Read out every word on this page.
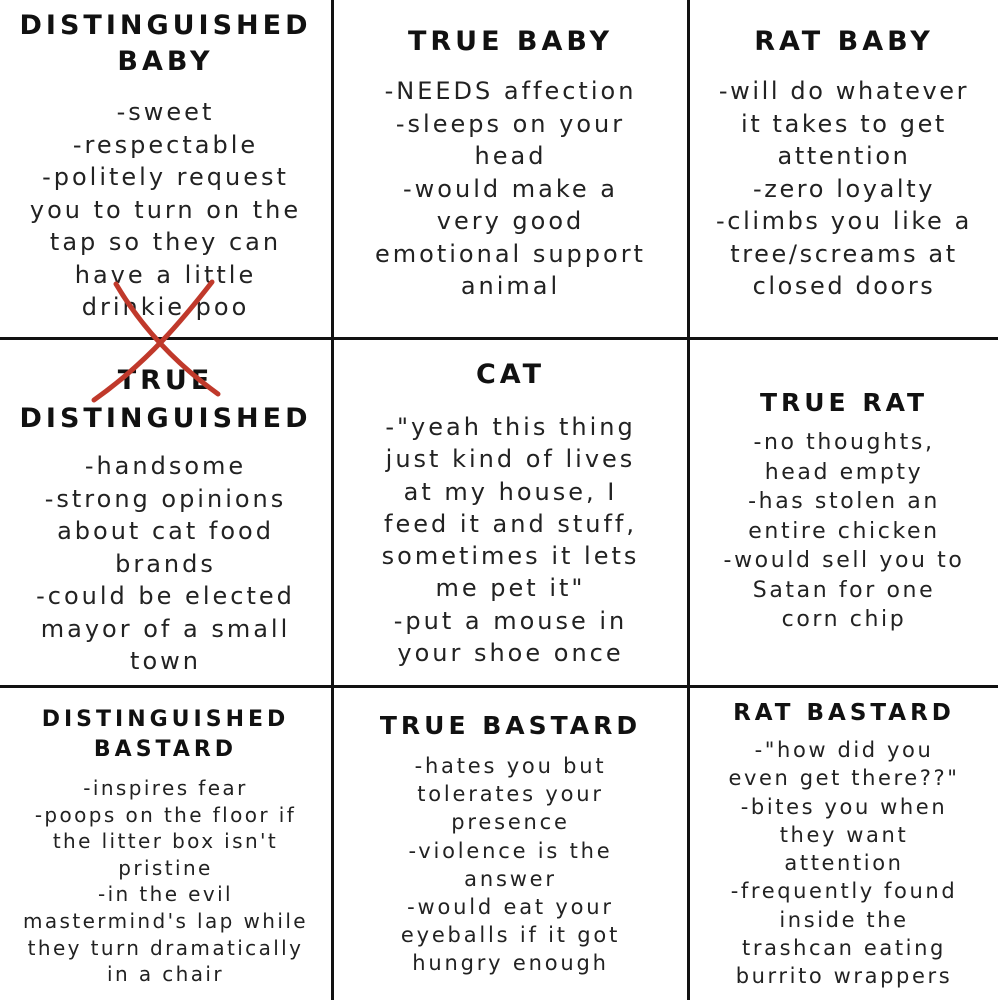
DISTINGUISHED
BABY

-sweet
-respectable
-politely request
you to turn on the
tap so they can
have a little
drinkie poo

TRUE BABY

-NEEDS affection
-sleeps on your
head
-would make a
very good
emotional support
animal

RAT BABY

-will do whatever
it takes to get
attention
-zero loyalty
-climbs you like a
tree/screams at
closed doors

TRUE
DISTINGUISHED

-handsome
-strong opinions
about cat food
brands
-could be elected
mayor of a small
town

CAT

-"yeah this thing
just kind of lives
at my house, I
feed it and stuff,
sometimes it lets
me pet it"
-put a mouse in
your shoe once

TRUE RAT

-no thoughts,
head empty
-has stolen an
entire chicken
-would sell you to
Satan for one
corn chip

DISTINGUISHED
BASTARD

-inspires fear
-poops on the floor if
the litter box isn't
pristine
-in the evil
mastermind's lap while
they turn dramatically
in a chair

TRUE BASTARD

-hates you but
tolerates your
presence
-violence is the
answer
-would eat your
eyeballs if it got
hungry enough

RAT BASTARD

-"how did you
even get there??"
-bites you when
they want
attention
-frequently found
inside the
trashcan eating
burrito wrappers
